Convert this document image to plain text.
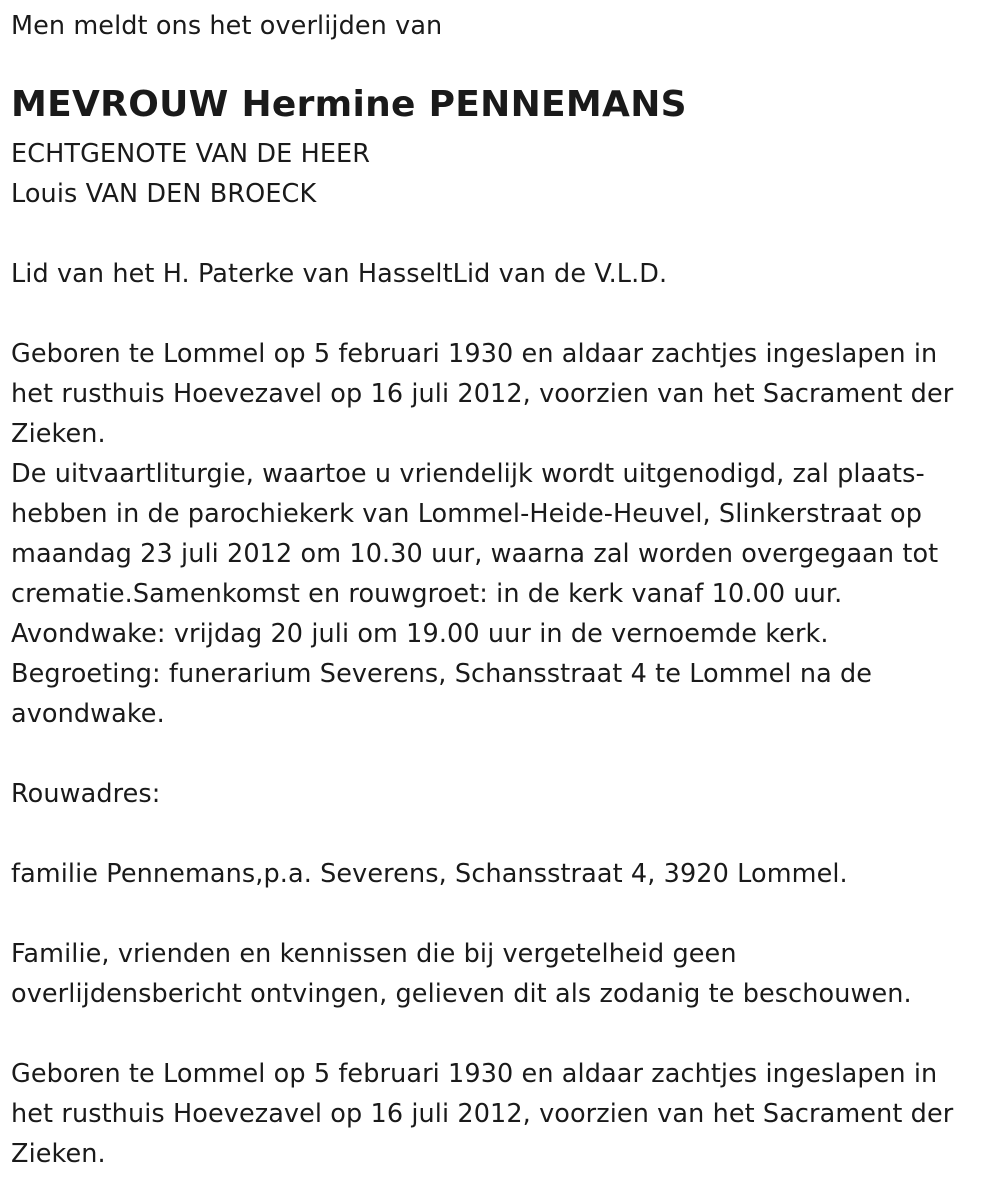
Men meldt ons het overlijden van
MEVROUW Hermine PENNEMANS
ECHTGENOTE VAN DE HEER
Louis VAN DEN BROECK
Lid van het H. Paterke van HasseltLid van de V.L.D.
Geboren te Lommel op 5 februari 1930 en aldaar zachtjes ingeslapen in
het rusthuis Hoevezavel op 16 juli 2012, voorzien van het Sacrament der
Zieken.
De uitvaartliturgie, waartoe u vriendelijk wordt uitgenodigd, zal plaats-
hebben in de parochiekerk van Lommel-Heide-Heuvel, Slinkerstraat op
maandag 23 juli 2012 om 10.30 uur, waarna zal worden overgegaan tot
crematie.Samenkomst en rouwgroet: in de kerk vanaf 10.00 uur.
Avondwake: vrijdag 20 juli om 19.00 uur in de vernoemde kerk.
Begroeting: funerarium Severens, Schansstraat 4 te Lommel na de
avondwake.
Rouwadres:
familie Pennemans,p.a. Severens, Schansstraat 4, 3920 Lommel.
Familie, vrienden en kennissen die bij vergetelheid geen
overlijdensbericht ontvingen, gelieven dit als zodanig te beschouwen.
Geboren te Lommel op 5 februari 1930 en aldaar zachtjes ingeslapen in
het rusthuis Hoevezavel op 16 juli 2012, voorzien van het Sacrament der
Zieken.
